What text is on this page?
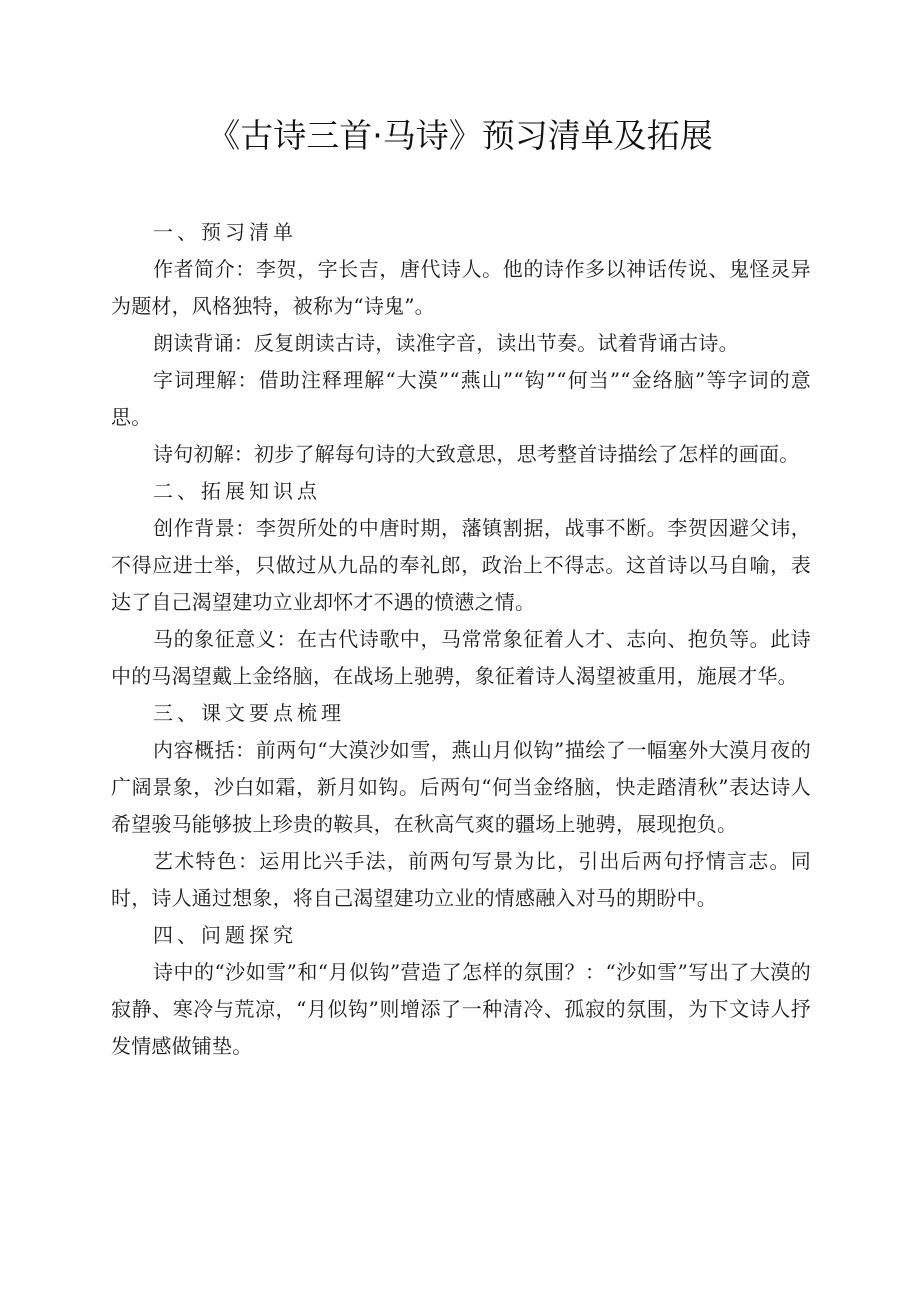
《古诗三首·马诗》预习清单及拓展

一、预习清单

作者简介：李贺，字长吉，唐代诗人。他的诗作多以神话传说、鬼怪灵异为题材，风格独特，被称为“诗鬼”。

朗读背诵：反复朗读古诗，读准字音，读出节奏。试着背诵古诗。

字词理解：借助注释理解“大漠”“燕山”“钩”“何当”“金络脑”等字词的意思。

诗句初解：初步了解每句诗的大致意思，思考整首诗描绘了怎样的画面。

二、拓展知识点

创作背景：李贺所处的中唐时期，藩镇割据，战事不断。李贺因避父讳，不得应进士举，只做过从九品的奉礼郎，政治上不得志。这首诗以马自喻，表达了自己渴望建功立业却怀才不遇的愤懑之情。

马的象征意义：在古代诗歌中，马常常象征着人才、志向、抱负等。此诗中的马渴望戴上金络脑，在战场上驰骋，象征着诗人渴望被重用，施展才华。

三、课文要点梳理

内容概括：前两句“大漠沙如雪，燕山月似钩”描绘了一幅塞外大漠月夜的广阔景象，沙白如霜，新月如钩。后两句“何当金络脑，快走踏清秋”表达诗人希望骏马能够披上珍贵的鞍具，在秋高气爽的疆场上驰骋，展现抱负。

艺术特色：运用比兴手法，前两句写景为比，引出后两句抒情言志。同时，诗人通过想象，将自己渴望建功立业的情感融入对马的期盼中。

四、问题探究

诗中的“沙如雪”和“月似钩”营造了怎样的氛围？：“沙如雪”写出了大漠的寂静、寒冷与荒凉，“月似钩”则增添了一种清冷、孤寂的氛围，为下文诗人抒发情感做铺垫。
